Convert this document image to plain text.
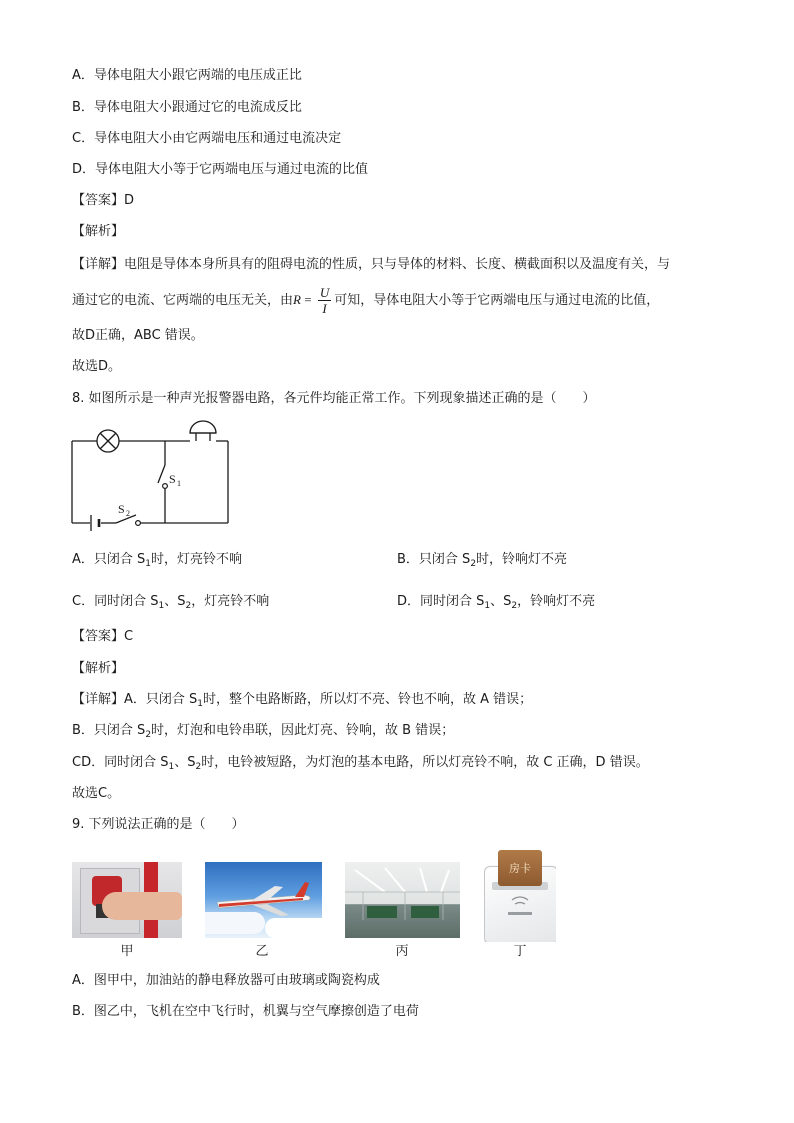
A．导体电阻大小跟它两端的电压成正比
B．导体电阻大小跟通过它的电流成反比
C．导体电阻大小由它两端电压和通过电流决定
D．导体电阻大小等于它两端电压与通过电流的比值
【答案】D
【解析】
【详解】电阻是导体本身所具有的阻碍电流的性质，只与导体的材料、长度、横截面积以及温度有关，与
通过它的电流、它两端的电压无关，由$R = \frac{U}{I}$ 可知，导体电阻大小等于它两端电压与通过电流的比值，
故D正确，ABC 错误。
故选D。
8. 如图所示是一种声光报警器电路，各元件均能正常工作。下列现象描述正确的是（　　）
S 1
S 2
A．只闭合 $S_1$时，灯亮铃不响	B．只闭合 $S_2$时，铃响灯不亮
C．同时闭合 $S_1$、$S_2$，灯亮铃不响	D．同时闭合 $S_1$、$S_2$，铃响灯不亮
【答案】C
【解析】
【详解】A．只闭合 $S_1$时，整个电路断路，所以灯不亮、铃也不响，故 A 错误；
B．只闭合 $S_2$时，灯泡和电铃串联，因此灯亮、铃响，故 B 错误；
CD．同时闭合 $S_1$、$S_2$时，电铃被短路，为灯泡的基本电路，所以灯亮铃不响，故 C 正确，D 错误。
故选C。
9. 下列说法正确的是（　　）
甲	乙	丙
房卡
丁
A．图甲中，加油站的静电释放器可由玻璃或陶瓷构成
B．图乙中，飞机在空中飞行时，机翼与空气摩擦创造了电荷
